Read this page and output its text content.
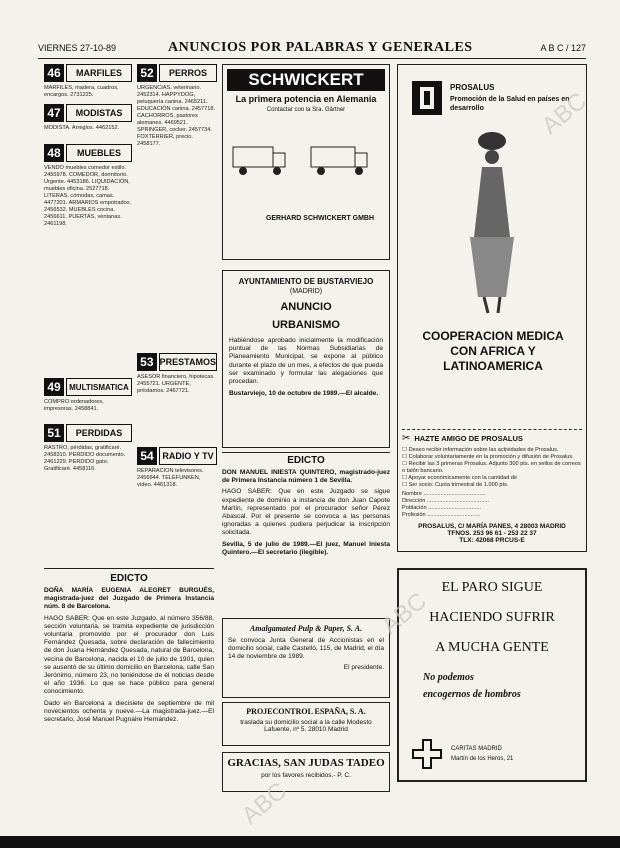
VIERNES 27-10-89	ANUNCIOS POR PALABRAS Y GENERALES	A B C / 127
46	MARFILES
MARFILES, madera, cuadros, encargos. 2731225.
47	MODISTAS
MODISTA. Arreglos. 4462152.
48	MUEBLES
VENDO muebles comedor estilo. 2455978. COMEDOR, dormitorio. Urgente. 4453186. LIQUIDACIÓN, muebles oficina. 2527718. LITERAS, cómodas, camas. 4477201. ARMARIOS empotrados. 2456532. MUEBLES cocina. 2456611. PUERTAS, ventanas. 2461198.
49	MULTISMATICA
COMPRO ordenadores, impresoras. 2458841.
51	PERDIDAS
RASTRO, pérdidas, gratificaré. 2458310. PERDIDO documento. 2461229. PERDIDO gato. Gratificaré. 4458116.
52	PERROS
URGENCIAS, veterinario. 2452314. HAPPYDOG, peluquería canina. 2465211. EDUCACIÓN canina. 2457718. CACHORROS, pastores alemanes. 4469521. SPRINGER, cocker. 2457734. FOXTERRIER, precio. 2458177.
53 PRESTAMOS
ASESOR financiero, hipotecas. 2455721. URGENTE, préstamos. 2467721.
54 RADIO Y TV
REPARACIÓN televisores. 2456644. TELEFUNKEN, vídeo. 4461318.
SCHWICKERT
La primera potencia en Alemania
Contactar con la Sra. Gärtner
GERHARD SCHWICKERT GMBH
AYUNTAMIENTO DE BUSTARVIEJO
(MADRID)
ANUNCIO
URBANISMO
Habiéndose aprobado inicialmente la modificación puntual de las Normas Subsidiarias de Planeamiento Municipal, se expone al público durante el plazo de un mes, a efectos de que pueda ser examinado y formular las alegaciones que procedan.
Bustarviejo, 10 de octubre de 1989.—El alcalde.
EDICTO
DON MANUEL INIESTA QUINTERO, magistrado-juez de Primera Instancia número 1 de Sevilla.
HAGO SABER: Que en este Juzgado se sigue expediente de dominio a instancia de don Juan Capote Martín, representado por el procurador señor Pérez Abascal. Por el presente se convoca a las personas ignoradas a quienes pudiera perjudicar la inscripción solicitada.
Sevilla, 5 de julio de 1989.—El juez, Manuel Iniesta Quintero.—El secretario (ilegible).
EDICTO
DOÑA MARÍA EUGENIA ALEGRET BURGUÉS, magistrada-juez del Juzgado de Primera Instancia núm. 8 de Barcelona.
HAGO SABER: Que en este Juzgado, al número 356/88, sección voluntaria, se tramita expediente de jurisdicción voluntaria promovido por el procurador don Luis Fernández Quesada, sobre declaración de fallecimiento de don Juana Hernández Quesada, natural de Barcelona, vecina de Barcelona, nacida el 10 de julio de 1901, quien se ausentó de su último domicilio en Barcelona, calle San Jerónimo, número 23, no teniéndose de él noticias desde el año 1936. Lo que se hace público para general conocimiento.
Dado en Barcelona a diecisiete de septiembre de mil novecientos ochenta y nueve.—La magistrada-juez.—El secretario, José Manuel Pugnaire Hernández.
Amalgamated Pulp & Paper, S. A.
Se convoca Junta General de Accionistas en el domicilio social, calle Castelló, 115, de Madrid, el día 14 de noviembre de 1989.
El presidente.
PROJECONTROL ESPAÑA, S. A.
traslada su domicilio social a la calle Modesto Lafuente, nº 5. 28010 Madrid
GRACIAS, SAN JUDAS TADEO
por los favores recibidos.- P. C.
PROSALUS
Promoción de la Salud en países en desarrollo
COOPERACION MEDICA CON AFRICA Y LATINOAMERICA
✂ HAZTE AMIGO DE PROSALUS
☐ Deseo recibir información sobre las actividades de Prosalus.
☐ Colaborar voluntariamente en la promoción y difusión de Prosalus.
☐ Recibir las 3 primeras Prosalus. Adjunto 300 pts. en sellos de correos o talón bancario.
☐ Apoyar económicamente con la cantidad de
☐ Ser socio: Cuota trimestral de 1.000 pts.
Nombre ........................................
Dirección ........................................
Población ..................................
Profesión ..................................
PROSALUS, C/ MARÍA PANES, 4 28003 MADRID
TFNOS. 253 96 61 - 253 22 37
TLX: 42068 PRCUS-E
EL PARO SIGUE
HACIENDO SUFRIR
A MUCHA GENTE
No podemos
encogernos de hombros
CARITAS MADRID
Martín de los Heros, 21
ABC
ABC
ABC
